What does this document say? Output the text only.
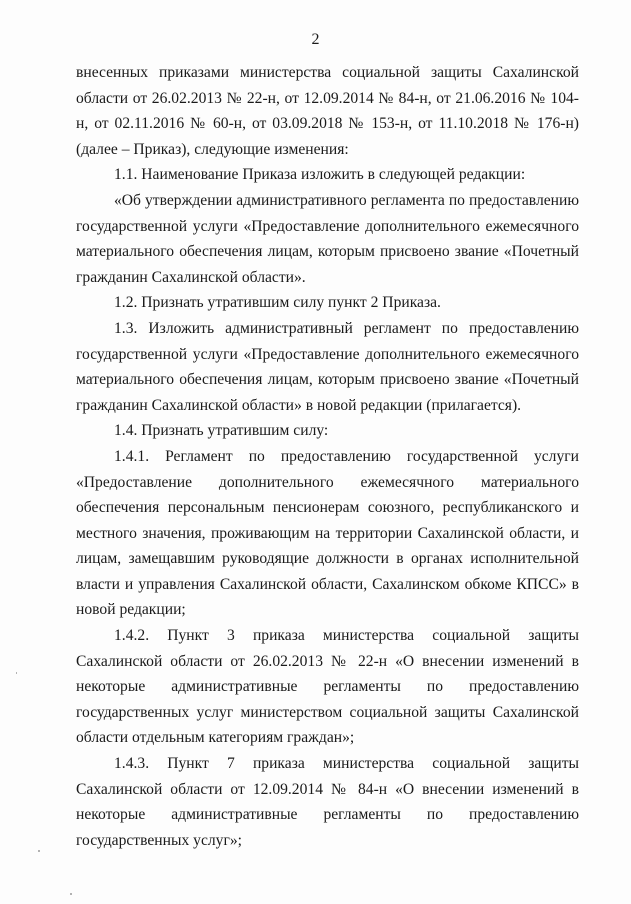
2

внесенных приказами министерства социальной защиты Сахалинской области от 26.02.2013 № 22-н, от 12.09.2014 № 84-н, от 21.06.2016 № 104-н, от 02.11.2016 № 60-н, от 03.09.2018 № 153-н, от 11.10.2018 № 176-н) (далее – Приказ), следующие изменения:

1.1. Наименование Приказа изложить в следующей редакции:

«Об утверждении административного регламента по предоставлению государственной услуги «Предоставление дополнительного ежемесячного материального обеспечения лицам, которым присвоено звание «Почетный гражданин Сахалинской области».

1.2. Признать утратившим силу пункт 2 Приказа.

1.3. Изложить административный регламент по предоставлению государственной услуги «Предоставление дополнительного ежемесячного материального обеспечения лицам, которым присвоено звание «Почетный гражданин Сахалинской области» в новой редакции (прилагается).

1.4. Признать утратившим силу:

1.4.1. Регламент по предоставлению государственной услуги «Предоставление дополнительного ежемесячного материального обеспечения персональным пенсионерам союзного, республиканского и местного значения, проживающим на территории Сахалинской области, и лицам, замещавшим руководящие должности в органах исполнительной власти и управления Сахалинской области, Сахалинском обкоме КПСС» в новой редакции;

1.4.2. Пункт 3 приказа министерства социальной защиты Сахалинской области от 26.02.2013 № 22-н «О внесении изменений в некоторые административные регламенты по предоставлению государственных услуг министерством социальной защиты Сахалинской области отдельным категориям граждан»;

1.4.3. Пункт 7 приказа министерства социальной защиты Сахалинской области от 12.09.2014 № 84-н «О внесении изменений в некоторые административные регламенты по предоставлению государственных услуг»;
